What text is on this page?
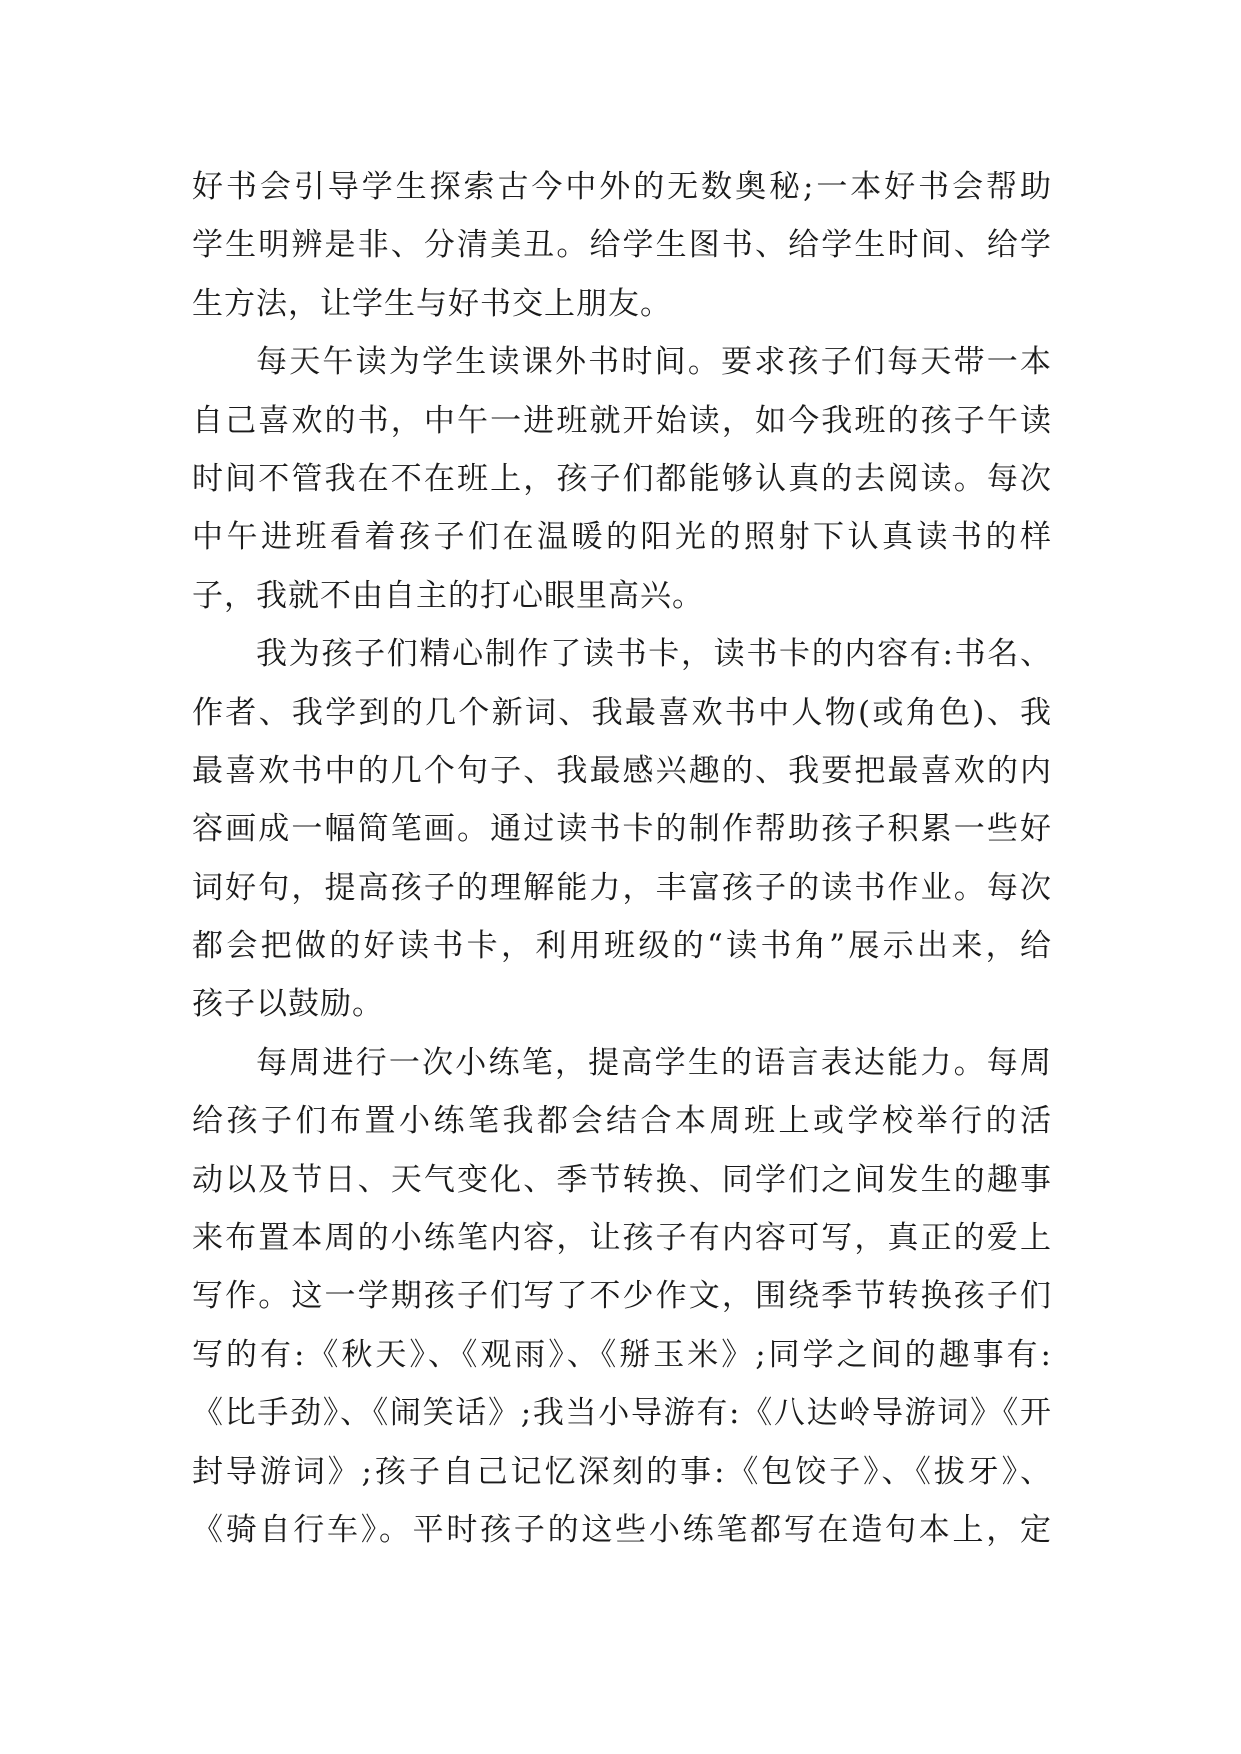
好书会引导学生探索古今中外的无数奥秘;一本好书会帮助
学生明辨是非、分清美丑。给学生图书、给学生时间、给学
生方法，让学生与好书交上朋友。
每天午读为学生读课外书时间。要求孩子们每天带一本
自己喜欢的书，中午一进班就开始读，如今我班的孩子午读
时间不管我在不在班上，孩子们都能够认真的去阅读。每次
中午进班看着孩子们在温暖的阳光的照射下认真读书的样
子，我就不由自主的打心眼里高兴。
我为孩子们精心制作了读书卡，读书卡的内容有:书名、
作者、我学到的几个新词、我最喜欢书中人物(或角色)、我
最喜欢书中的几个句子、我最感兴趣的、我要把最喜欢的内
容画成一幅简笔画。通过读书卡的制作帮助孩子积累一些好
词好句，提高孩子的理解能力，丰富孩子的读书作业。每次
都会把做的好读书卡，利用班级的“读书角”展示出来，给
孩子以鼓励。
每周进行一次小练笔，提高学生的语言表达能力。每周
给孩子们布置小练笔我都会结合本周班上或学校举行的活
动以及节日、天气变化、季节转换、同学们之间发生的趣事
来布置本周的小练笔内容，让孩子有内容可写，真正的爱上
写作。这一学期孩子们写了不少作文，围绕季节转换孩子们
写的有:《秋天》、《观雨》、《掰玉米》;同学之间的趣事有:
《比手劲》、《闹笑话》;我当小导游有:《八达岭导游词》《开
封导游词》;孩子自己记忆深刻的事:《包饺子》、《拔牙》、
《骑自行车》。平时孩子的这些小练笔都写在造句本上，定
